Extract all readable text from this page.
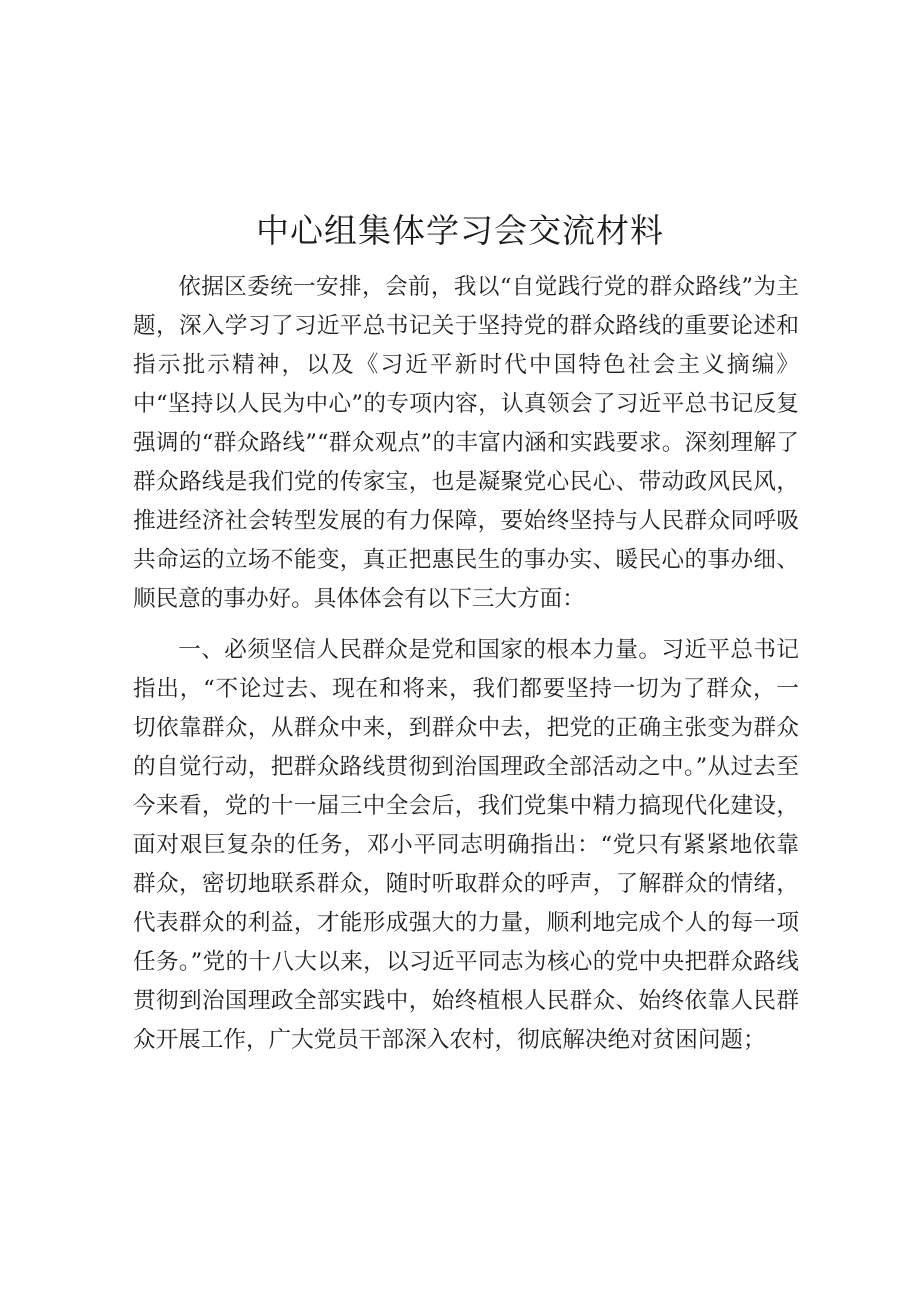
中心组集体学习会交流材料

依据区委统一安排，会前，我以“自觉践行党的群众路线”为主题，深入学习了习近平总书记关于坚持党的群众路线的重要论述和指示批示精神，以及《习近平新时代中国特色社会主义摘编》中“坚持以人民为中心”的专项内容，认真领会了习近平总书记反复强调的“群众路线”“群众观点”的丰富内涵和实践要求。深刻理解了群众路线是我们党的传家宝，也是凝聚党心民心、带动政风民风，推进经济社会转型发展的有力保障，要始终坚持与人民群众同呼吸共命运的立场不能变，真正把惠民生的事办实、暖民心的事办细、顺民意的事办好。具体体会有以下三大方面：

一、必须坚信人民群众是党和国家的根本力量。习近平总书记指出，“不论过去、现在和将来，我们都要坚持一切为了群众，一切依靠群众，从群众中来，到群众中去，把党的正确主张变为群众的自觉行动，把群众路线贯彻到治国理政全部活动之中。”从过去至今来看，党的十一届三中全会后，我们党集中精力搞现代化建设，面对艰巨复杂的任务，邓小平同志明确指出：“党只有紧紧地依靠群众，密切地联系群众，随时听取群众的呼声，了解群众的情绪，代表群众的利益，才能形成强大的力量，顺利地完成个人的每一项任务。”党的十八大以来，以习近平同志为核心的党中央把群众路线贯彻到治国理政全部实践中，始终植根人民群众、始终依靠人民群众开展工作，广大党员干部深入农村，彻底解决绝对贫困问题；
